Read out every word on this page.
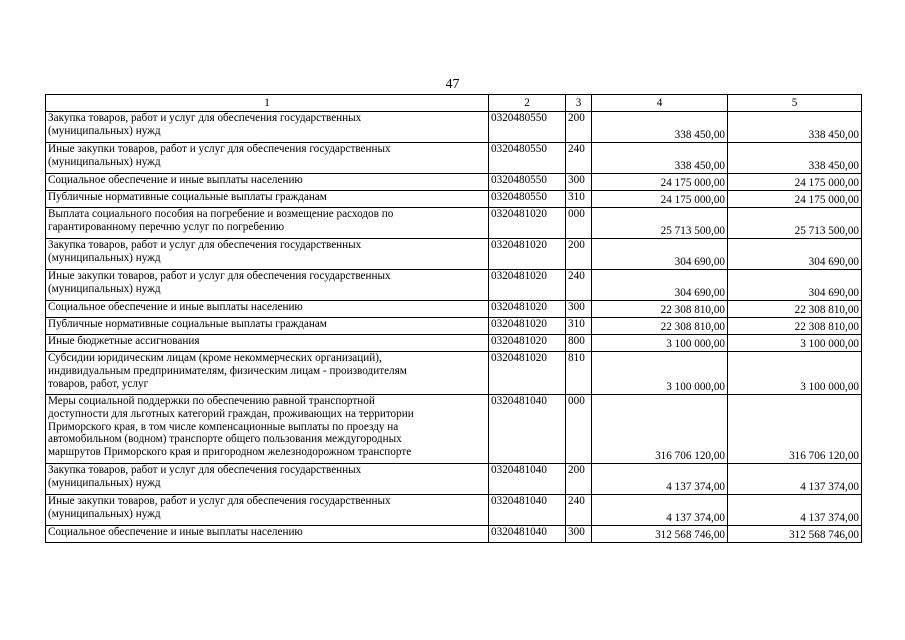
47
1	2	3	4	5

Закупка товаров, работ и услуг для обеспечения государственных
(муниципальных) нужд	0320480550	200	338 450,00	338 450,00

Иные закупки товаров, работ и услуг для обеспечения государственных
(муниципальных) нужд	0320480550	240	338 450,00	338 450,00

Социальное обеспечение и иные выплаты населению	0320480550	300	24 175 000,00	24 175 000,00

Публичные нормативные социальные выплаты гражданам	0320480550	310	24 175 000,00	24 175 000,00

Выплата социального пособия на погребение и возмещение расходов по
гарантированному перечню услуг по погребению	0320481020	000	25 713 500,00	25 713 500,00

Закупка товаров, работ и услуг для обеспечения государственных
(муниципальных) нужд	0320481020	200	304 690,00	304 690,00

Иные закупки товаров, работ и услуг для обеспечения государственных
(муниципальных) нужд	0320481020	240	304 690,00	304 690,00

Социальное обеспечение и иные выплаты населению	0320481020	300	22 308 810,00	22 308 810,00

Публичные нормативные социальные выплаты гражданам	0320481020	310	22 308 810,00	22 308 810,00

Иные бюджетные ассигнования	0320481020	800	3 100 000,00	3 100 000,00

Субсидии юридическим лицам (кроме некоммерческих организаций),
индивидуальным предпринимателям, физическим лицам - производителям
товаров, работ, услуг	0320481020	810	3 100 000,00	3 100 000,00

Меры социальной поддержки по обеспечению равной транспортной
доступности для льготных категорий граждан, проживающих на территории
Приморского края, в том числе компенсационные выплаты по проезду на
автомобильном (водном) транспорте общего пользования междугородных
маршрутов Приморского края и пригородном железнодорожном транспорте	0320481040	000	316 706 120,00	316 706 120,00

Закупка товаров, работ и услуг для обеспечения государственных
(муниципальных) нужд	0320481040	200	4 137 374,00	4 137 374,00

Иные закупки товаров, работ и услуг для обеспечения государственных
(муниципальных) нужд	0320481040	240	4 137 374,00	4 137 374,00

Социальное обеспечение и иные выплаты населению	0320481040	300	312 568 746,00	312 568 746,00
